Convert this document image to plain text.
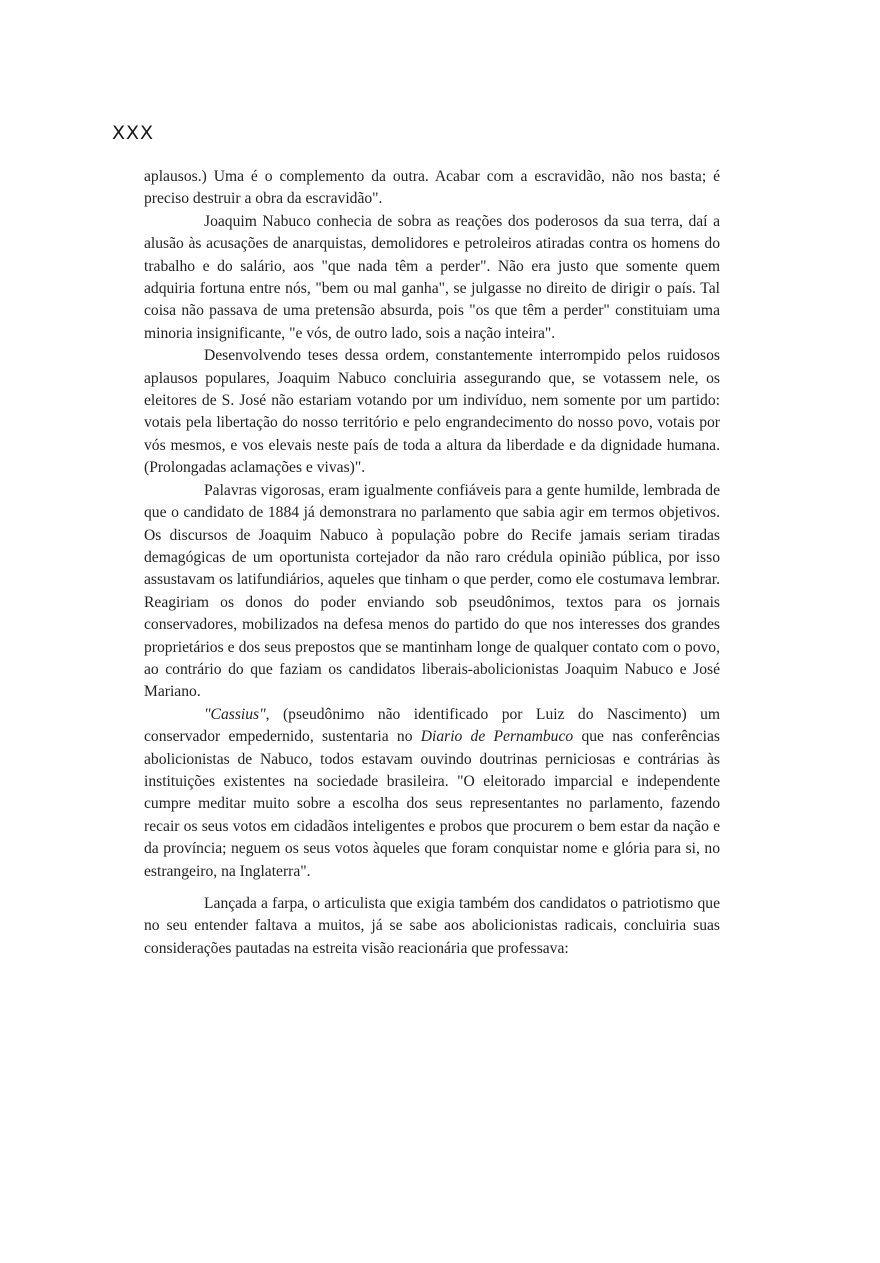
XXX

aplausos.) Uma é o complemento da outra. Acabar com a escravidão, não nos basta; é preciso destruir a obra da escravidão".

Joaquim Nabuco conhecia de sobra as reações dos poderosos da sua terra, daí a alusão às acusações de anarquistas, demolidores e petroleiros atiradas contra os homens do trabalho e do salário, aos "que nada têm a perder". Não era justo que somente quem adquiria fortuna entre nós, "bem ou mal ganha", se julgasse no direito de dirigir o país. Tal coisa não passava de uma pretensão absurda, pois "os que têm a perder" constituiam uma minoria insignificante, "e vós, de outro lado, sois a nação inteira".

Desenvolvendo teses dessa ordem, constantemente interrompido pelos ruidosos aplausos populares, Joaquim Nabuco concluiria assegurando que, se votassem nele, os eleitores de S. José não estariam votando por um indivíduo, nem somente por um partido: votais pela libertação do nosso território e pelo engrandecimento do nosso povo, votais por vós mesmos, e vos elevais neste país de toda a altura da liberdade e da dignidade humana. (Prolongadas aclamações e vivas)".

Palavras vigorosas, eram igualmente confiáveis para a gente humilde, lembrada de que o candidato de 1884 já demonstrara no parlamento que sabia agir em termos objetivos. Os discursos de Joaquim Nabuco à população pobre do Recife jamais seriam tiradas demagógicas de um oportunista cortejador da não raro crédula opinião pública, por isso assustavam os latifundiários, aqueles que tinham o que perder, como ele costumava lembrar. Reagiriam os donos do poder enviando sob pseudônimos, textos para os jornais conservadores, mobilizados na defesa menos do partido do que nos interesses dos grandes proprietários e dos seus prepostos que se mantinham longe de qualquer contato com o povo, ao contrário do que faziam os candidatos liberais-abolicionistas Joaquim Nabuco e José Mariano.

"Cassius", (pseudônimo não identificado por Luiz do Nascimento) um conservador empedernido, sustentaria no Diario de Pernambuco que nas conferências abolicionistas de Nabuco, todos estavam ouvindo doutrinas perniciosas e contrárias às instituições existentes na sociedade brasileira. "O eleitorado imparcial e independente cumpre meditar muito sobre a escolha dos seus representantes no parlamento, fazendo recair os seus votos em cidadãos inteligentes e probos que procurem o bem estar da nação e da província; neguem os seus votos àqueles que foram conquistar nome e glória para si, no estrangeiro, na Inglaterra".

Lançada a farpa, o articulista que exigia também dos candidatos o patriotismo que no seu entender faltava a muitos, já se sabe aos abolicionistas radicais, concluiria suas considerações pautadas na estreita visão reacionária que professava:
